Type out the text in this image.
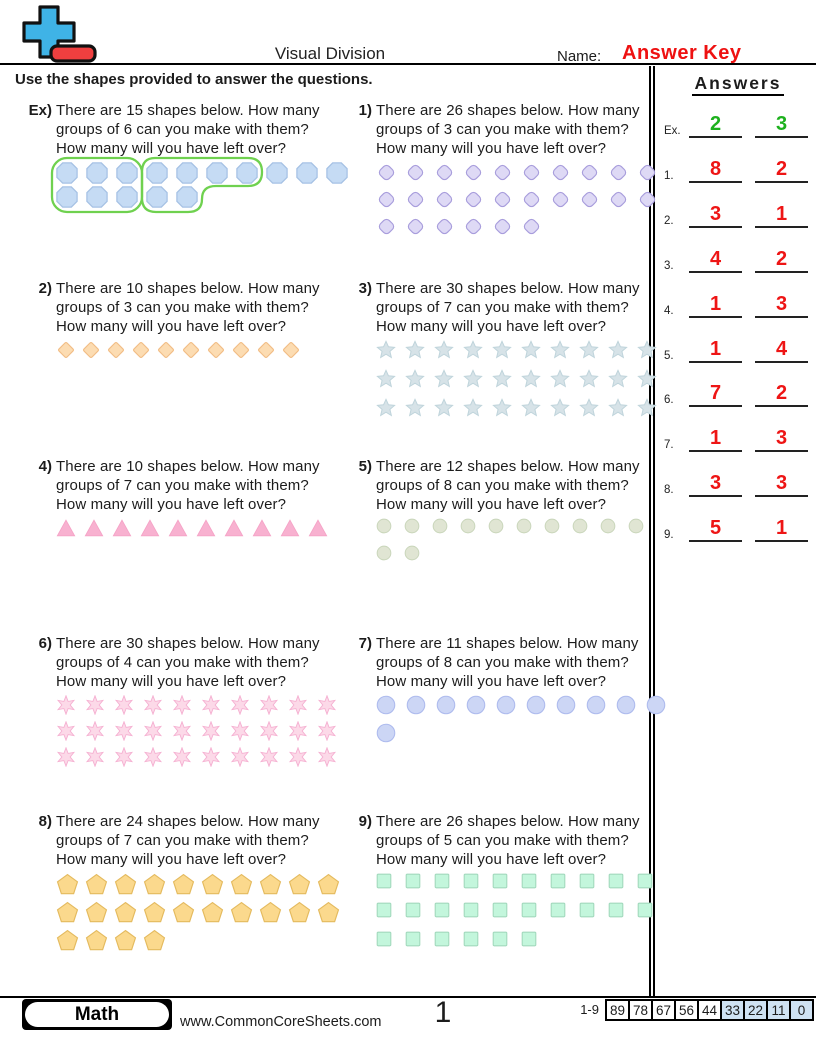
Visual Division	Name: Answer Key
Use the shapes provided to answer the questions.	Answers
Ex.	2	3
1.	8	2
2.	3	1
3.	4	2
4.	1	3
5.	1	4
6.	7	2
7.	1	3
8.	3	3
9.	5	1
Ex) There are 15 shapes below. How many
groups of 6 can you make with them?
How many will you have left over?
1) There are 26 shapes below. How many
groups of 3 can you make with them?
How many will you have left over?
2) There are 10 shapes below. How many
groups of 3 can you make with them?
How many will you have left over?
3) There are 30 shapes below. How many
groups of 7 can you make with them?
How many will you have left over?
4) There are 10 shapes below. How many
groups of 7 can you make with them?
How many will you have left over?
5) There are 12 shapes below. How many
groups of 8 can you make with them?
How many will you have left over?
6) There are 30 shapes below. How many
groups of 4 can you make with them?
How many will you have left over?
7) There are 11 shapes below. How many
groups of 8 can you make with them?
How many will you have left over?
8) There are 24 shapes below. How many
groups of 7 can you make with them?
How many will you have left over?
9) There are 26 shapes below. How many
groups of 5 can you make with them?
How many will you have left over?
Math	www.CommonCoreSheets.com	1	1-9 89 78 67 56 44 33 22 11 0
